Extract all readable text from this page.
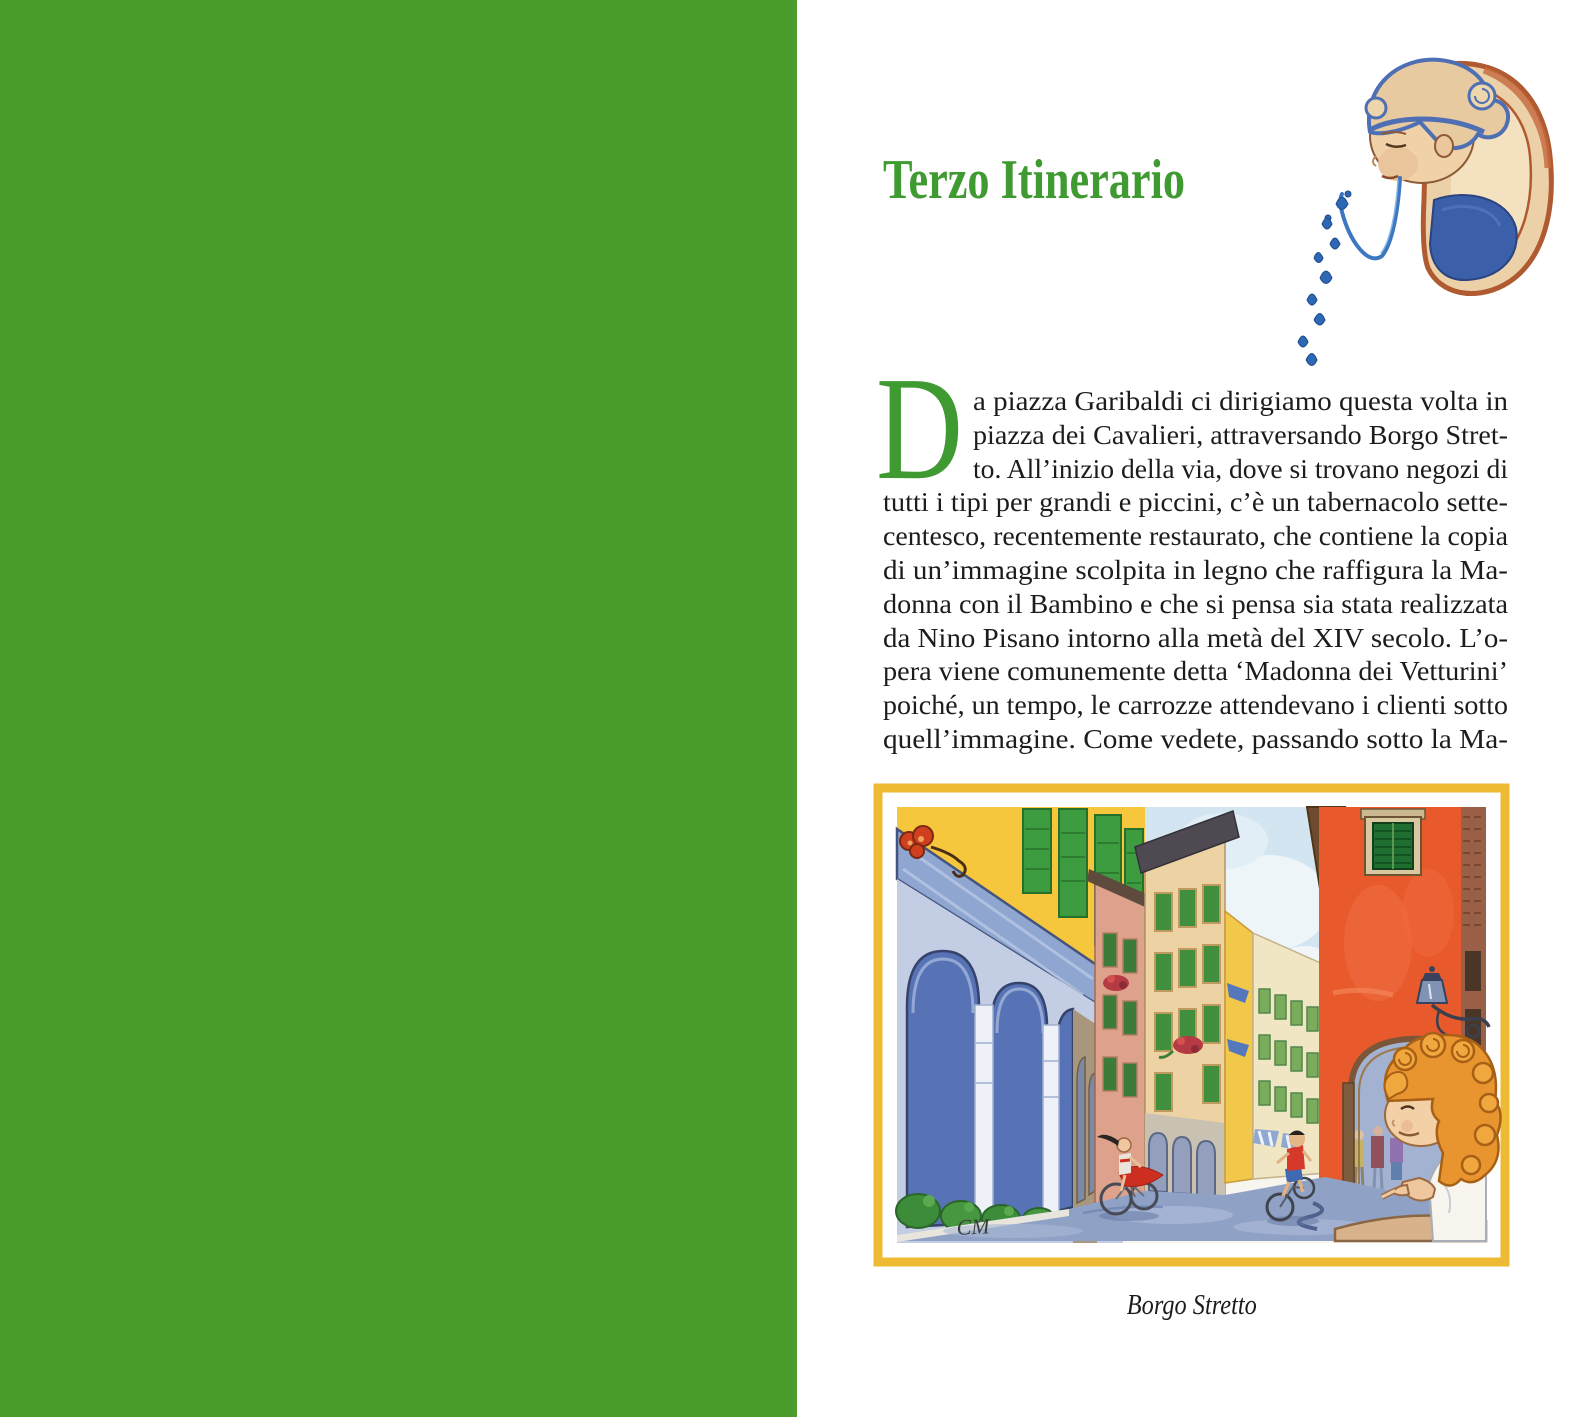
Terzo Itinerario
D a piazza Garibaldi ci dirigiamo questa volta in
piazza dei Cavalieri, attraversando Borgo Stret-
to. All’inizio della via, dove si trovano negozi di
tutti i tipi per grandi e piccini, c’è un tabernacolo sette-
centesco, recentemente restaurato, che contiene la copia
di un’immagine scolpita in legno che raffigura la Ma-
donna con il Bambino e che si pensa sia stata realizzata
da Nino Pisano intorno alla metà del XIV secolo. L’o-
pera viene comunemente detta ‘Madonna dei Vetturini’
poiché, un tempo, le carrozze attendevano i clienti sotto
quell’immagine. Come vedete, passando sotto la Ma-
CM
Borgo Stretto
